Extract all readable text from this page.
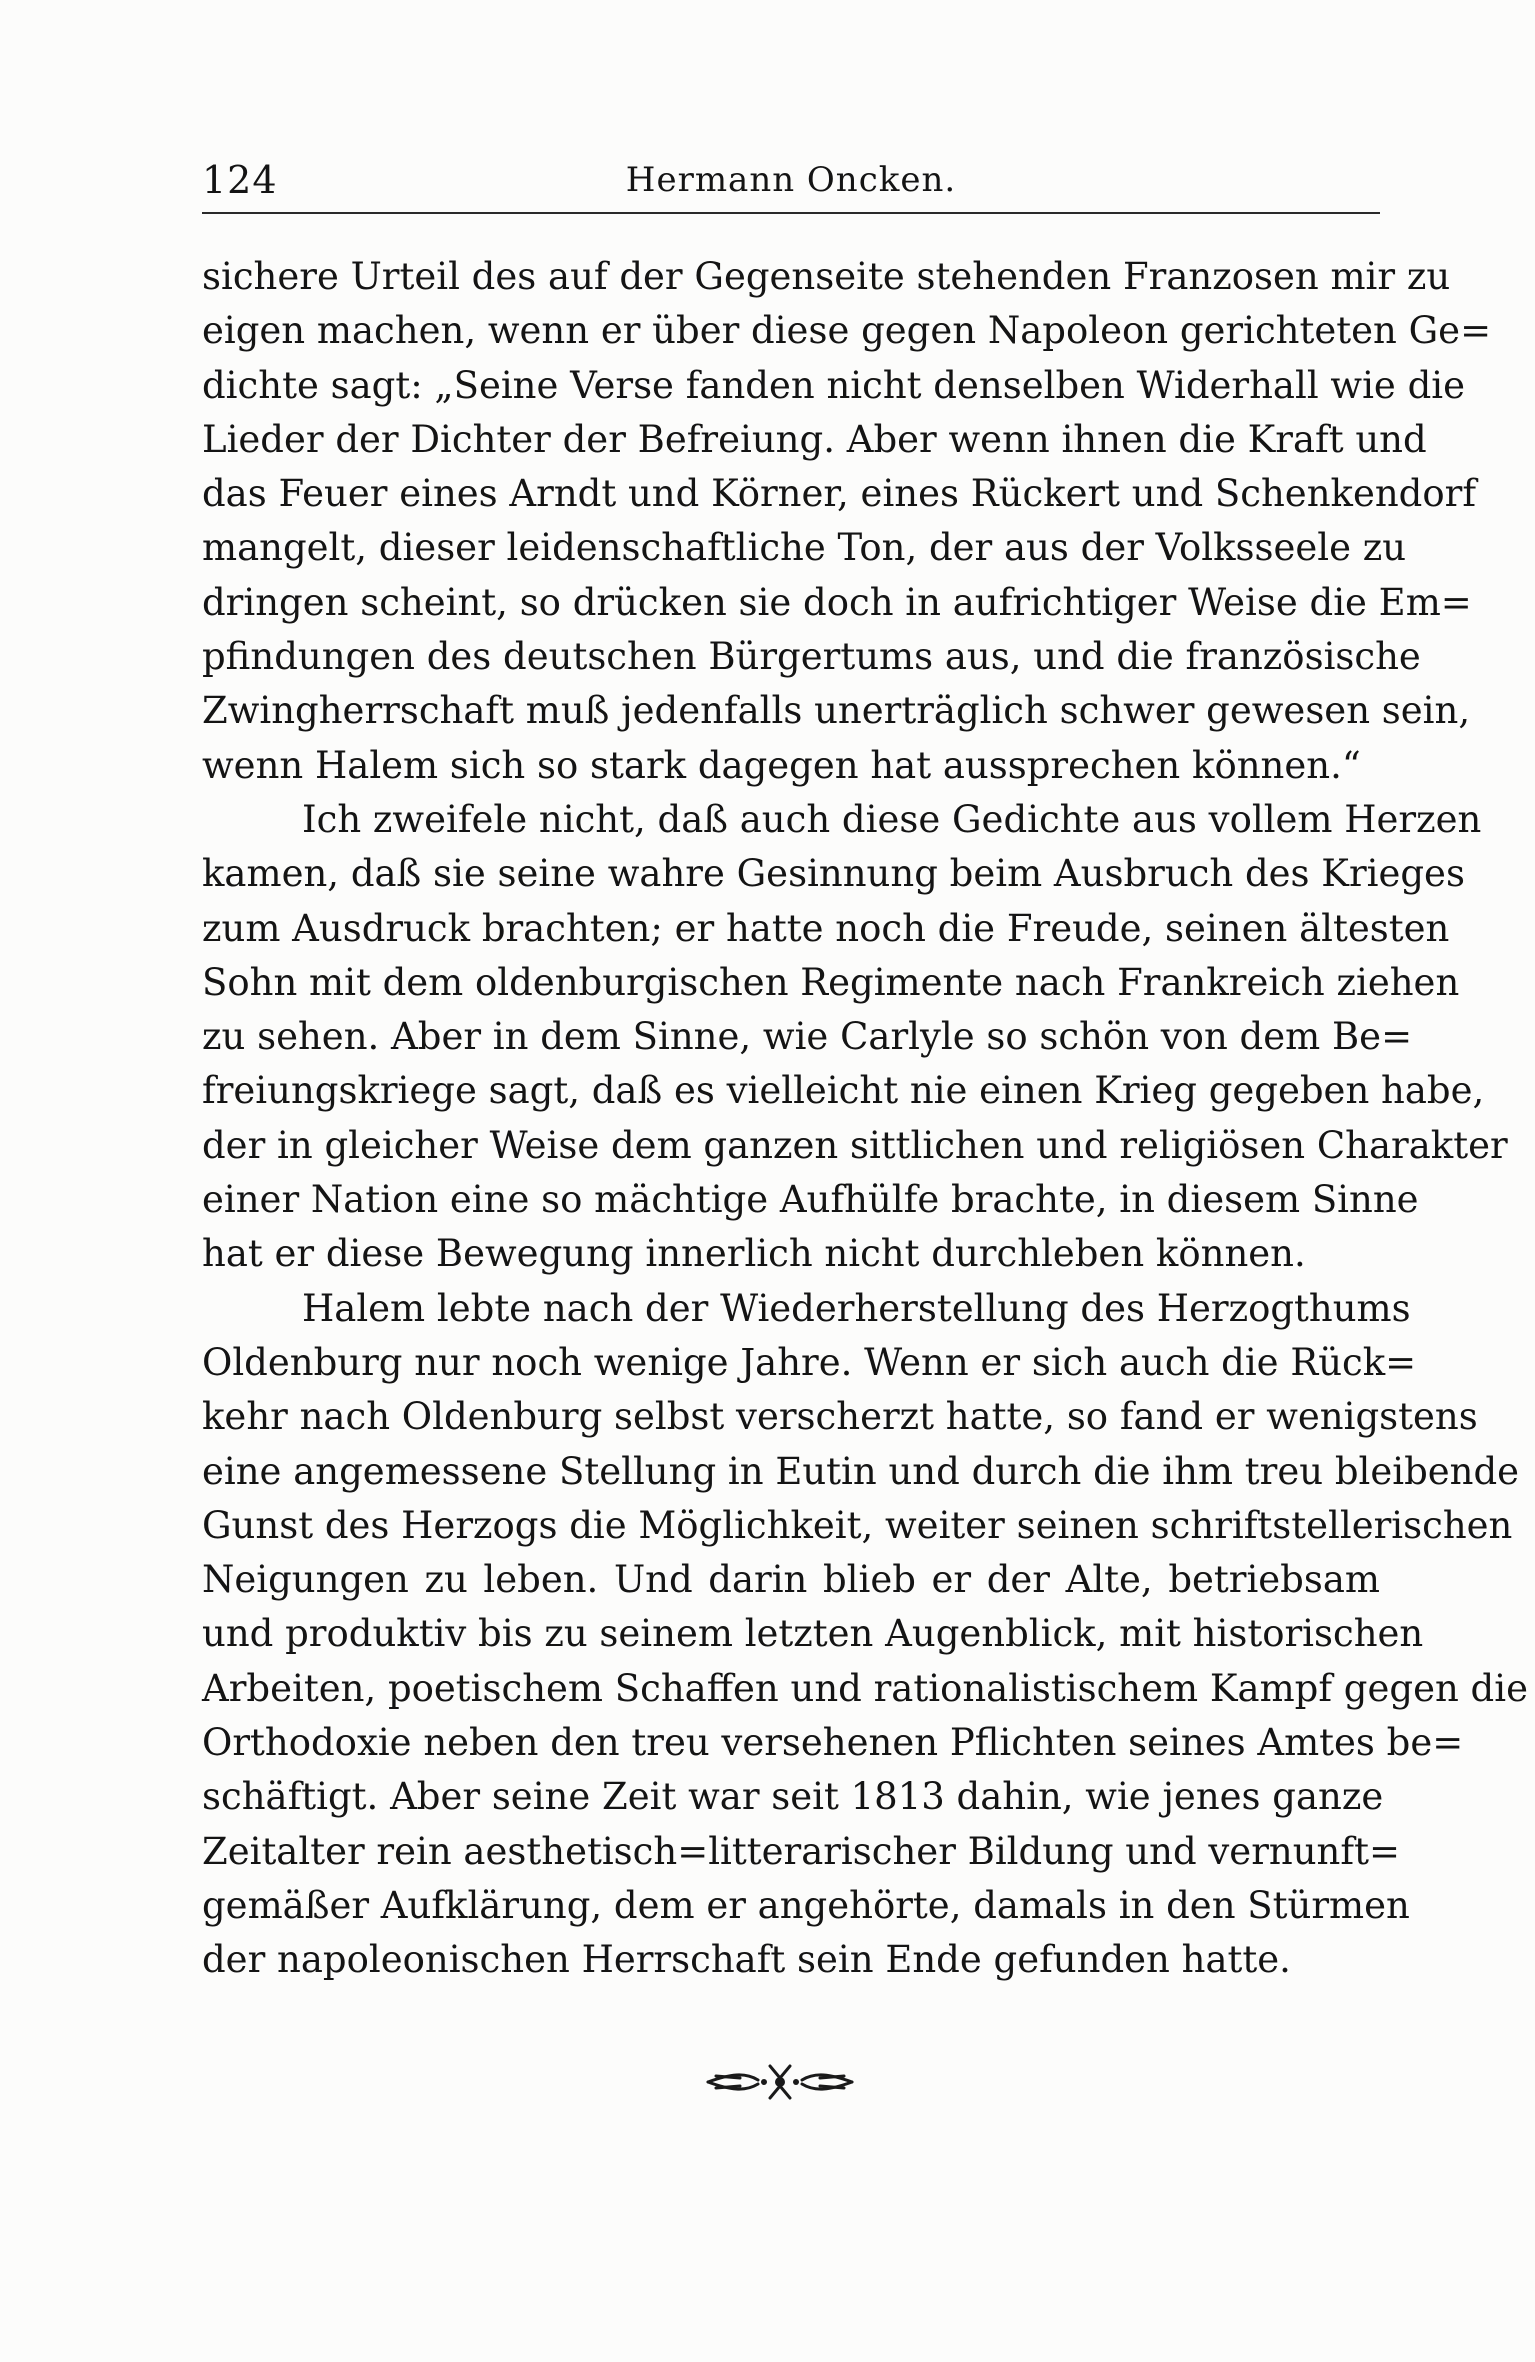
124	Hermann Oncken.
sichere Urteil des auf der Gegenseite stehenden Franzosen mir zu
eigen machen, wenn er über diese gegen Napoleon gerichteten Ge=
dichte sagt: „Seine Verse fanden nicht denselben Widerhall wie die
Lieder der Dichter der Befreiung. Aber wenn ihnen die Kraft und
das Feuer eines Arndt und Körner, eines Rückert und Schenkendorf
mangelt, dieser leidenschaftliche Ton, der aus der Volksseele zu
dringen scheint, so drücken sie doch in aufrichtiger Weise die Em=
pfindungen des deutschen Bürgertums aus, und die französische
Zwingherrschaft muß jedenfalls unerträglich schwer gewesen sein,
wenn Halem sich so stark dagegen hat aussprechen können.“
Ich zweifele nicht, daß auch diese Gedichte aus vollem Herzen
kamen, daß sie seine wahre Gesinnung beim Ausbruch des Krieges
zum Ausdruck brachten; er hatte noch die Freude, seinen ältesten
Sohn mit dem oldenburgischen Regimente nach Frankreich ziehen
zu sehen. Aber in dem Sinne, wie Carlyle so schön von dem Be=
freiungskriege sagt, daß es vielleicht nie einen Krieg gegeben habe,
der in gleicher Weise dem ganzen sittlichen und religiösen Charakter
einer Nation eine so mächtige Aufhülfe brachte, in diesem Sinne
hat er diese Bewegung innerlich nicht durchleben können.
Halem lebte nach der Wiederherstellung des Herzogthums
Oldenburg nur noch wenige Jahre. Wenn er sich auch die Rück=
kehr nach Oldenburg selbst verscherzt hatte, so fand er wenigstens
eine angemessene Stellung in Eutin und durch die ihm treu bleibende
Gunst des Herzogs die Möglichkeit, weiter seinen schriftstellerischen
Neigungen zu leben. Und darin blieb er der Alte, betriebsam
und produktiv bis zu seinem letzten Augenblick, mit historischen
Arbeiten, poetischem Schaffen und rationalistischem Kampf gegen die
Orthodoxie neben den treu versehenen Pflichten seines Amtes be=
schäftigt. Aber seine Zeit war seit 1813 dahin, wie jenes ganze
Zeitalter rein aesthetisch=litterarischer Bildung und vernunft=
gemäßer Aufklärung, dem er angehörte, damals in den Stürmen
der napoleonischen Herrschaft sein Ende gefunden hatte.
